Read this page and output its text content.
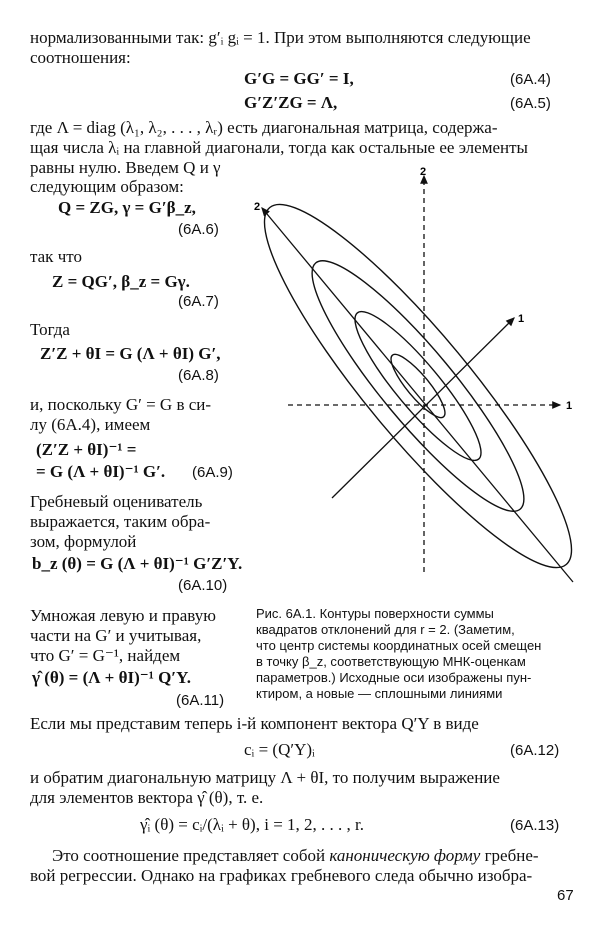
нормализованными так: g′ᵢ gᵢ = 1. При этом выполняются следующие
соотношения:
G′G = GG′ = I,	(6A.4)
G′Z′ZG = Λ,	(6A.5)
где Λ = diag (λ₁, λ₂, . . . , λᵣ) есть диагональная матрица, содержа-
щая числа λᵢ на главной диагонали, тогда как остальные ее элементы
равны нулю. Введем Q и γ
следующим образом:
Q = ZG, γ = G′β_z,
(6A.6)
так что
Z = QG′, β_z = Gγ.
(6A.7)
Тогда
Z′Z + θI = G (Λ + θI) G′,
(6A.8)
и, поскольку G′ = G в си-
лу (6A.4), имеем
(Z′Z + θI)⁻¹ =
= G (Λ + θI)⁻¹ G′. (6A.9)
Гребневый оцениватель
выражается, таким обра-
зом, формулой
b_z (θ) = G (Λ + θI)⁻¹ G′Z′Y.
(6A.10)
Умножая левую и правую
части на G′ и учитывая,
что G′ = G⁻¹, найдем
γ̂ (θ) = (Λ + θI)⁻¹ Q′Y.
(6A.11)
2
1
2
1
Рис. 6A.1. Контуры поверхности суммы
квадратов отклонений для r = 2. (Заметим,
что центр системы координатных осей смещен
в точку β_z, соответствующую МНК-оценкам
параметров.) Исходные оси изображены пун-
ктиром, а новые — сплошными линиями
Если мы представим теперь i-й компонент вектора Q′Y в виде
cᵢ = (Q′Y)ᵢ	(6A.12)
и обратим диагональную матрицу Λ + θI, то получим выражение
для элементов вектора γ̂ (θ), т. е.
γ̂ᵢ (θ) = cᵢ/(λᵢ + θ), i = 1, 2, . . . , r.	(6A.13)
Это соотношение представляет собой каноническую форму гребне-
вой регрессии. Однако на графиках гребневого следа обычно изобра-
67
